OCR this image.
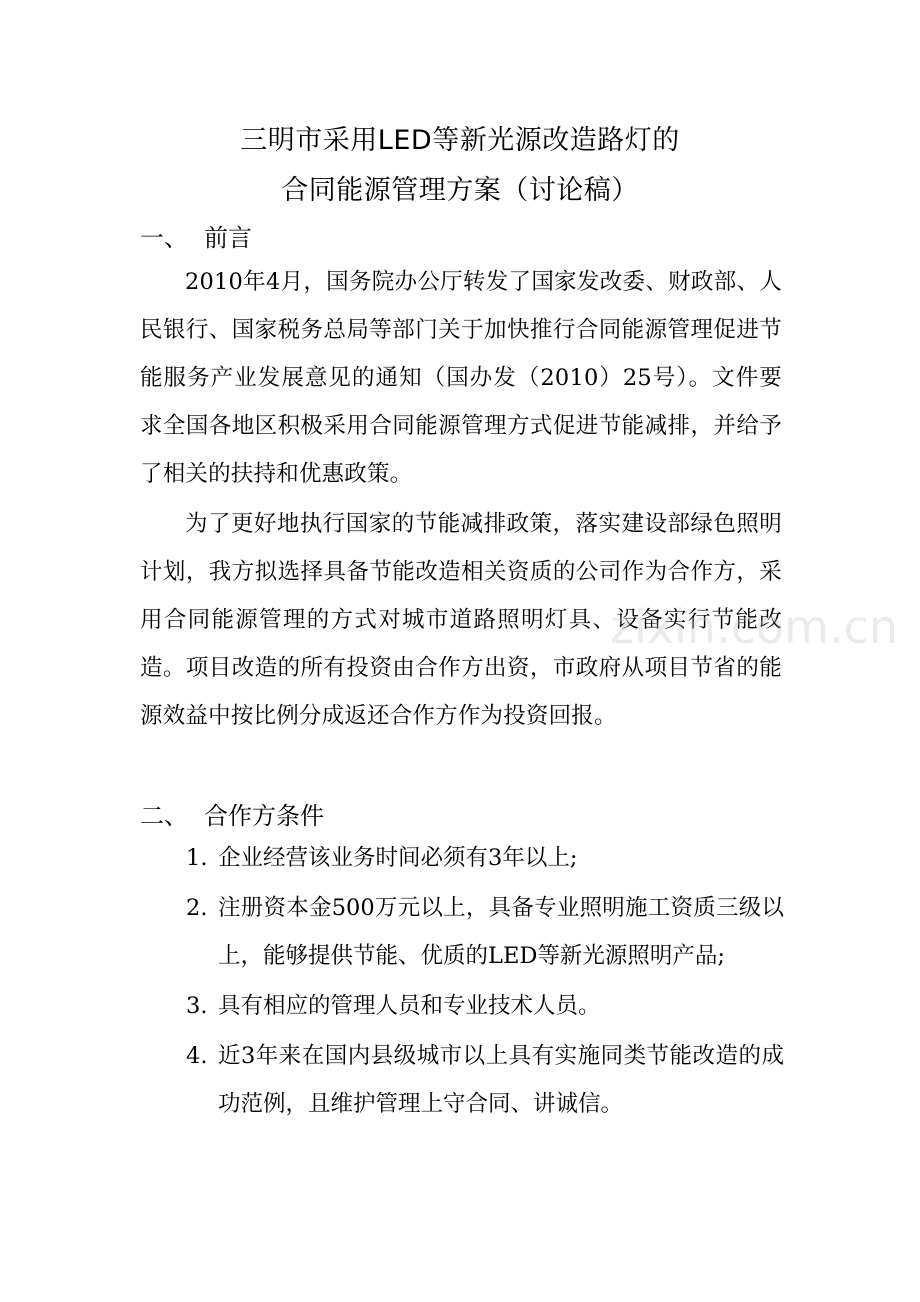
三明市采用LED等新光源改造路灯的
合同能源管理方案（讨论稿）
一、 前言

2010年4月，国务院办公厅转发了国家发改委、财政部、人民银行、国家税务总局等部门关于加快推行合同能源管理促进节能服务产业发展意见的通知（国办发（2010）25号）。文件要求全国各地区积极采用合同能源管理方式促进节能减排，并给予了相关的扶持和优惠政策。

为了更好地执行国家的节能减排政策，落实建设部绿色照明计划，我方拟选择具备节能改造相关资质的公司作为合作方，采用合同能源管理的方式对城市道路照明灯具、设备实行节能改造。项目改造的所有投资由合作方出资，市政府从项目节省的能源效益中按比例分成返还合作方作为投资回报。

二、 合作方条件
1. 企业经营该业务时间必须有3年以上;
2. 注册资本金500万元以上，具备专业照明施工资质三级以上，能够提供节能、优质的LED等新光源照明产品;
3. 具有相应的管理人员和专业技术人员。
4. 近3年来在国内县级城市以上具有实施同类节能改造的成功范例，且维护管理上守合同、讲诚信。
zixin.com.cn
